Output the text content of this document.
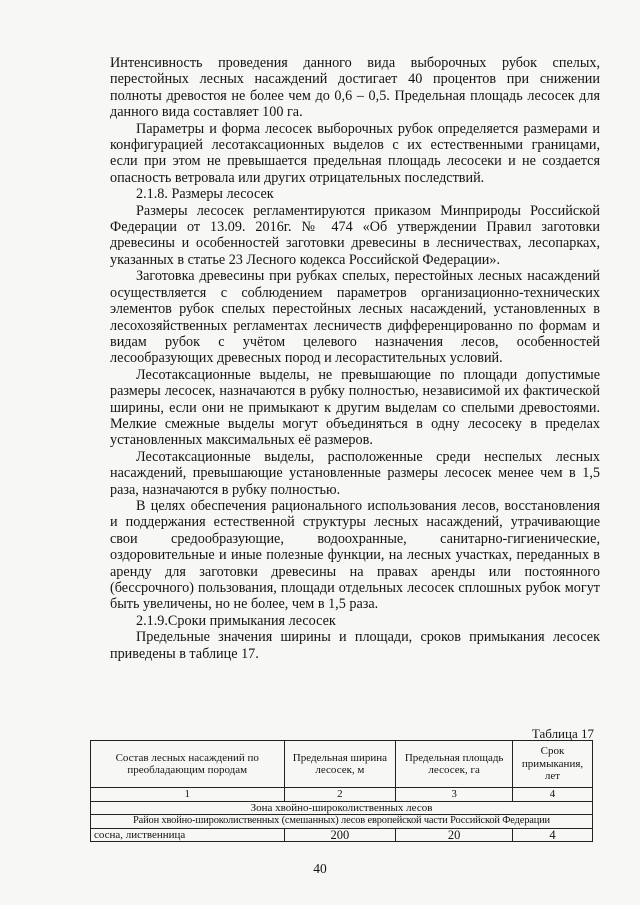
Интенсивность проведения данного вида выборочных рубок спелых, перестойных лесных насаждений достигает 40 процентов при снижении полноты древостоя не более чем до 0,6 – 0,5. Предельная площадь лесосек для данного вида составляет 100 га.

Параметры и форма лесосек выборочных рубок определяется размерами и конфигурацией лесотаксационных выделов с их естественными границами, если при этом не превышается предельная площадь лесосеки и не создается опасность ветровала или других отрицательных последствий.

2.1.8. Размеры лесосек

Размеры лесосек регламентируются приказом Минприроды Российской Федерации от 13.09. 2016г. № 474 «Об утверждении Правил заготовки древесины и особенностей заготовки древесины в лесничествах, лесопарках, указанных в статье 23 Лесного кодекса Российской Федерации».

Заготовка древесины при рубках спелых, перестойных лесных насаждений осуществляется с соблюдением параметров организационно-технических элементов рубок спелых перестойных лесных насаждений, установленных в лесохозяйственных регламентах лесничеств дифференцированно по формам и видам рубок с учётом целевого назначения лесов, особенностей лесообразующих древесных пород и лесорастительных условий.

Лесотаксационные выделы, не превышающие по площади допустимые размеры лесосек, назначаются в рубку полностью, независимой их фактической ширины, если они не примыкают к другим выделам со спелыми древостоями. Мелкие смежные выделы могут объединяться в одну лесосеку в пределах установленных максимальных её размеров.

Лесотаксационные выделы, расположенные среди неспелых лесных насаждений, превышающие установленные размеры лесосек менее чем в 1,5 раза, назначаются в рубку полностью.

В целях обеспечения рационального использования лесов, восстановления и поддержания естественной структуры лесных насаждений, утрачивающие свои средообразующие, водоохранные, санитарно-гигиенические, оздоровительные и иные полезные функции, на лесных участках, переданных в аренду для заготовки древесины на правах аренды или постоянного (бессрочного) пользования, площади отдельных лесосек сплошных рубок могут быть увеличены, но не более, чем в 1,5 раза.

2.1.9.Сроки примыкания лесосек

Предельные значения ширины и площади, сроков примыкания лесосек приведены в таблице 17.

Таблица 17
Состав лесных насаждений по преобладающим породам	Предельная ширина лесосек, м	Предельная площадь лесосек, га	Срок примыкания, лет
1	2	3	4
Зона хвойно-широколиственных лесов			
Район хвойно-широколиственных (смешанных) лесов европейской части Российской Федерации			
сосна, лиственница	200	20	4
40
